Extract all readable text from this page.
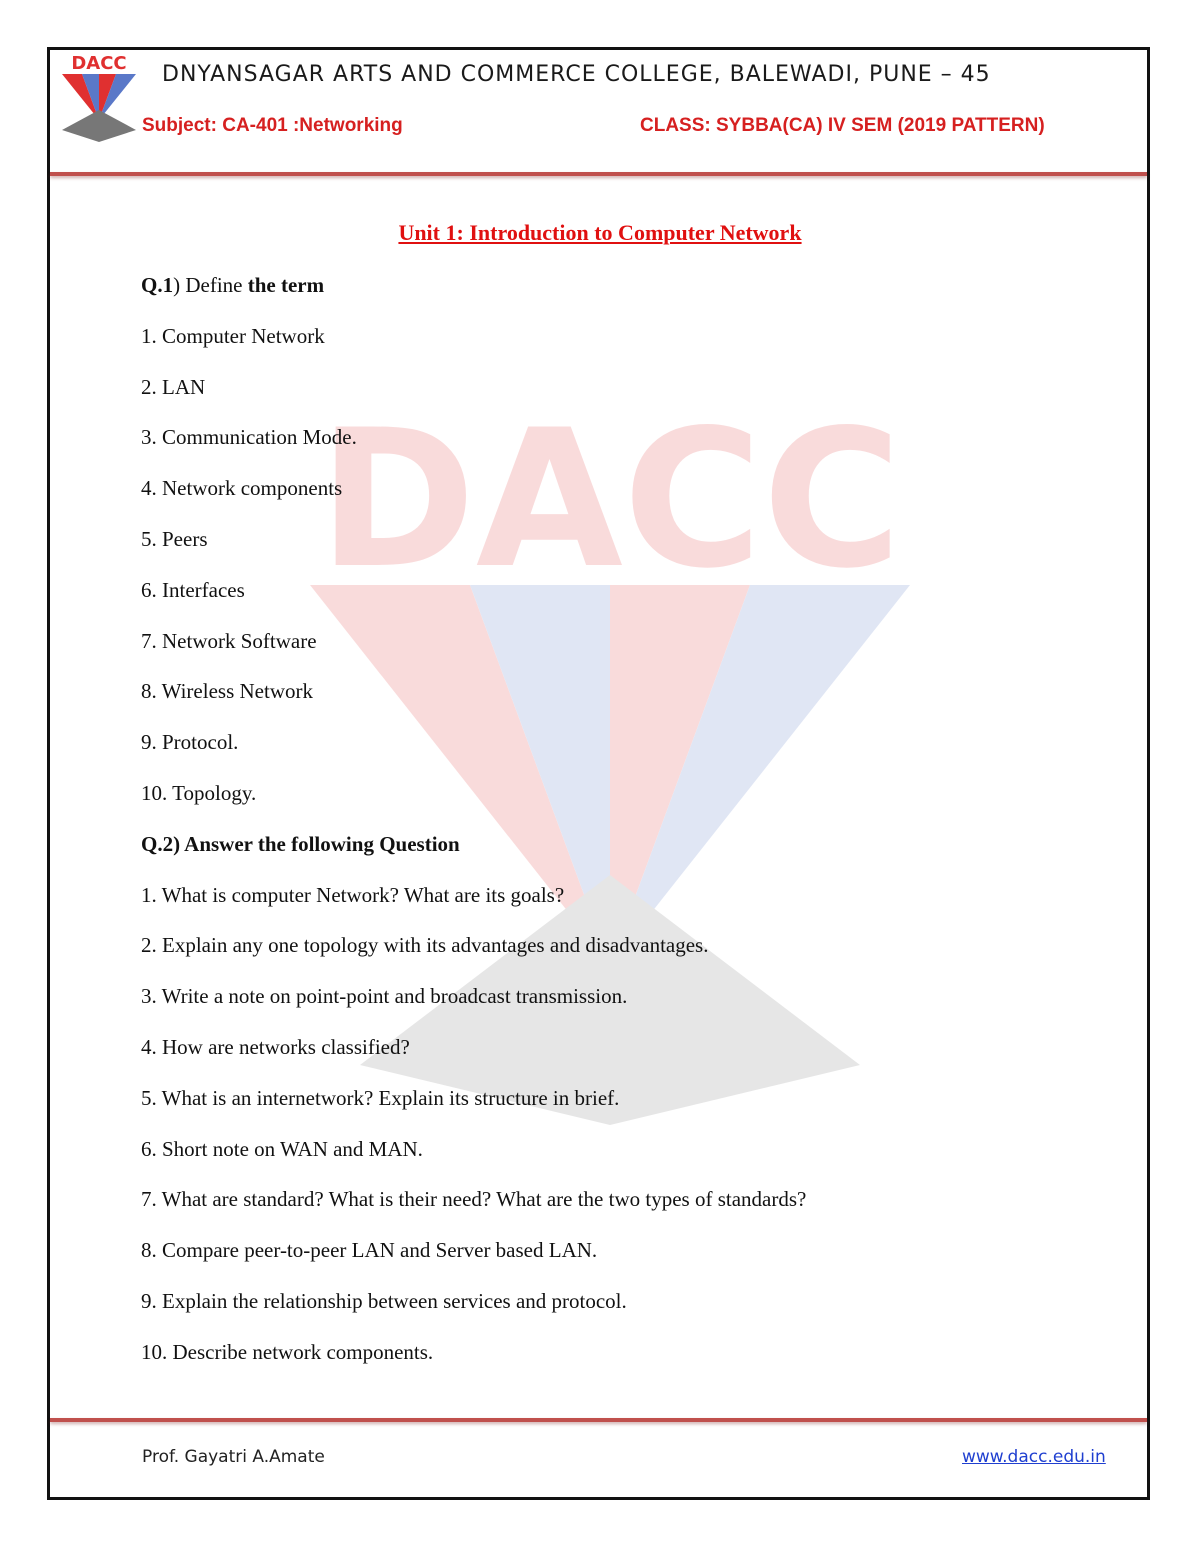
DACC
DACC DNYANSAGAR ARTS AND COMMERCE COLLEGE, BALEWADI, PUNE – 45
Subject: CA-401 :Networking	CLASS: SYBBA(CA) IV SEM (2019 PATTERN)
Unit 1: Introduction to Computer Network
Q.1) Define the term
1. Computer Network
2. LAN
3. Communication Mode.
4. Network components
5. Peers
6. Interfaces
7. Network Software
8. Wireless Network
9. Protocol.
10. Topology.
Q.2) Answer the following Question
1. What is computer Network? What are its goals?
2. Explain any one topology with its advantages and disadvantages.
3. Write a note on point-point and broadcast transmission.
4. How are networks classified?
5. What is an internetwork? Explain its structure in brief.
6. Short note on WAN and MAN.
7. What are standard? What is their need? What are the two types of standards?
8. Compare peer-to-peer LAN and Server based LAN.
9. Explain the relationship between services and protocol.
10. Describe network components.
Prof. Gayatri A.Amate	www.dacc.edu.in
